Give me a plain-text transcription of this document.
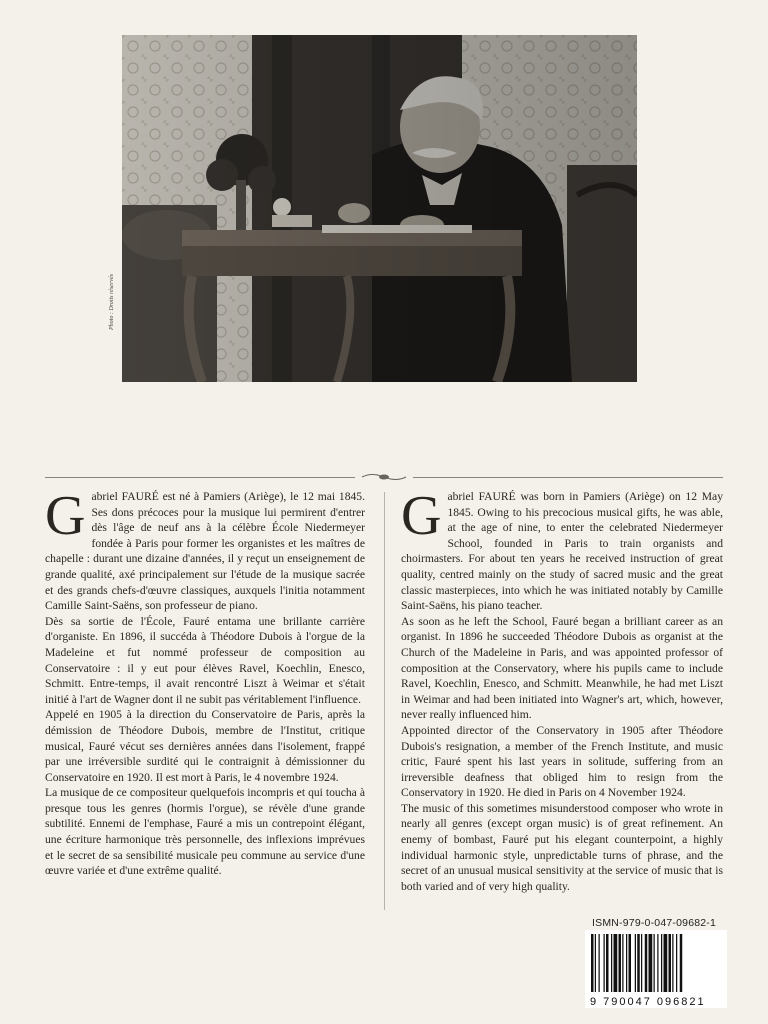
Photo : Droits réservés
G abriel FAURÉ est né à Pamiers (Ariège), le 12 mai 1845. Ses dons précoces pour la musique lui permirent d'entrer dès l'âge de neuf ans à la célèbre École Niedermeyer fondée à Paris pour former les organistes et les maîtres de chapelle : durant une dizaine d'années, il y reçut un enseignement de grande qualité, axé principalement sur l'étude de la musique sacrée et des grands chefs-d'œuvre classiques, auxquels l'initia notamment Camille Saint-Saëns, son professeur de piano.

Dès sa sortie de l'École, Fauré entama une brillante carrière d'organiste. En 1896, il succéda à Théodore Dubois à l'orgue de la Madeleine et fut nommé professeur de composition au Conservatoire : il y eut pour élèves Ravel, Koechlin, Enesco, Schmitt. Entre-temps, il avait rencontré Liszt à Weimar et s'était initié à l'art de Wagner dont il ne subit pas véritablement l'influence.

Appelé en 1905 à la direction du Conservatoire de Paris, après la démission de Théodore Dubois, membre de l'Institut, critique musical, Fauré vécut ses dernières années dans l'isolement, frappé par une irréversible surdité qui le contraignit à démissionner du Conservatoire en 1920. Il est mort à Paris, le 4 novembre 1924.

La musique de ce compositeur quelquefois incompris et qui toucha à presque tous les genres (hormis l'orgue), se révèle d'une grande subtilité. Ennemi de l'emphase, Fauré a mis un contrepoint élégant, une écriture harmonique très personnelle, des inflexions imprévues et le secret de sa sensibilité musicale peu commune au service d'une œuvre variée et d'une extrême qualité.

G abriel FAURÉ was born in Pamiers (Ariège) on 12 May 1845. Owing to his precocious musical gifts, he was able, at the age of nine, to enter the celebrated Niedermeyer School, founded in Paris to train organists and choirmasters. For about ten years he received instruction of great quality, centred mainly on the study of sacred music and the great classic masterpieces, into which he was initiated notably by Camille Saint-Saëns, his piano teacher.

As soon as he left the School, Fauré began a brilliant career as an organist. In 1896 he succeeded Théodore Dubois as organist at the Church of the Madeleine in Paris, and was appointed professor of composition at the Conservatory, where his pupils came to include Ravel, Koechlin, Enesco, and Schmitt. Meanwhile, he had met Liszt in Weimar and had been initiated into Wagner's art, which, however, never really influenced him.

Appointed director of the Conservatory in 1905 after Théodore Dubois's resignation, a member of the French Institute, and music critic, Fauré spent his last years in solitude, suffering from an irreversible deafness that obliged him to resign from the Conservatory in 1920. He died in Paris on 4 November 1924.

The music of this sometimes misunderstood composer who wrote in nearly all genres (except organ music) is of great refinement. An enemy of bombast, Fauré put his elegant counterpoint, a highly individual harmonic style, unpredictable turns of phrase, and the secret of an unusual musical sensitivity at the service of music that is both varied and of very high quality.

ISMN-979-0-047-09682-1
9 790047 096821
